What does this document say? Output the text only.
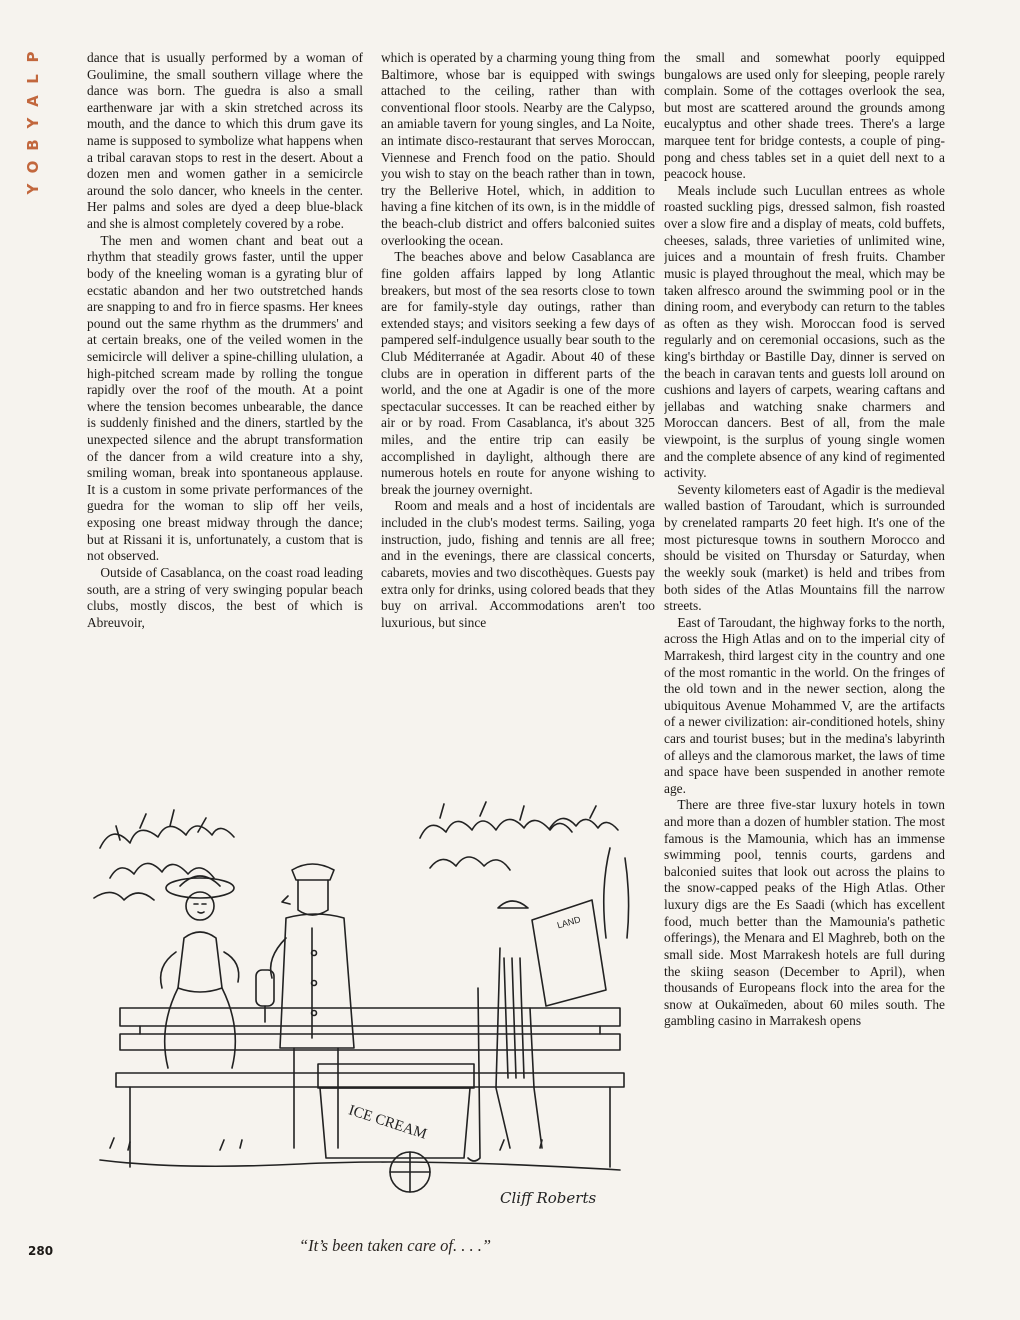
P
L
A
Y
B
O
Y

dance that is usually performed by a woman of Goulimine, the small southern village where the dance was born. The guedra is also a small earthenware jar with a skin stretched across its mouth, and the dance to which this drum gave its name is supposed to symbolize what happens when a tribal caravan stops to rest in the desert. About a dozen men and women gather in a semicircle around the solo dancer, who kneels in the center. Her palms and soles are dyed a deep blue-black and she is almost completely covered by a robe.

The men and women chant and beat out a rhythm that steadily grows faster, until the upper body of the kneeling woman is a gyrating blur of ecstatic abandon and her two outstretched hands are snapping to and fro in fierce spasms. Her knees pound out the same rhythm as the drummers' and at certain breaks, one of the veiled women in the semicircle will deliver a spine-chilling ululation, a high-pitched scream made by rolling the tongue rapidly over the roof of the mouth. At a point where the tension becomes unbearable, the dance is suddenly finished and the diners, startled by the unexpected silence and the abrupt transformation of the dancer from a wild creature into a shy, smiling woman, break into spontaneous applause. It is a custom in some private performances of the guedra for the woman to slip off her veils, exposing one breast midway through the dance; but at Rissani it is, unfortunately, a custom that is not observed.

Outside of Casablanca, on the coast road leading south, are a string of very swinging popular beach clubs, mostly discos, the best of which is Abreuvoir,

which is operated by a charming young thing from Baltimore, whose bar is equipped with swings attached to the ceiling, rather than with conventional floor stools. Nearby are the Calypso, an amiable tavern for young singles, and La Noite, an intimate disco-restaurant that serves Moroccan, Viennese and French food on the patio. Should you wish to stay on the beach rather than in town, try the Bellerive Hotel, which, in addition to having a fine kitchen of its own, is in the middle of the beach-club district and offers balconied suites overlooking the ocean.

The beaches above and below Casablanca are fine golden affairs lapped by long Atlantic breakers, but most of the sea resorts close to town are for family-style day outings, rather than extended stays; and visitors seeking a few days of pampered self-indulgence usually bear south to the Club Méditerranée at Agadir. About 40 of these clubs are in operation in different parts of the world, and the one at Agadir is one of the more spectacular successes. It can be reached either by air or by road. From Casablanca, it's about 325 miles, and the entire trip can easily be accomplished in daylight, although there are numerous hotels en route for anyone wishing to break the journey overnight.

Room and meals and a host of incidentals are included in the club's modest terms. Sailing, yoga instruction, judo, fishing and tennis are all free; and in the evenings, there are classical concerts, cabarets, movies and two discothèques. Guests pay extra only for drinks, using colored beads that they buy on arrival. Accommodations aren't too luxurious, but since

the small and somewhat poorly equipped bungalows are used only for sleeping, people rarely complain. Some of the cottages overlook the sea, but most are scattered around the grounds among eucalyptus and other shade trees. There's a large marquee tent for bridge contests, a couple of ping-pong and chess tables set in a quiet dell next to a peacock house.

Meals include such Lucullan entrees as whole roasted suckling pigs, dressed salmon, fish roasted over a slow fire and a display of meats, cold buffets, cheeses, salads, three varieties of unlimited wine, juices and a mountain of fresh fruits. Chamber music is played throughout the meal, which may be taken alfresco around the swimming pool or in the dining room, and everybody can return to the tables as often as they wish. Moroccan food is served regularly and on ceremonial occasions, such as the king's birthday or Bastille Day, dinner is served on the beach in caravan tents and guests loll around on cushions and layers of carpets, wearing caftans and jellabas and watching snake charmers and Moroccan dancers. Best of all, from the male viewpoint, is the surplus of young single women and the complete absence of any kind of regimented activity.

Seventy kilometers east of Agadir is the medieval walled bastion of Taroudant, which is surrounded by crenelated ramparts 20 feet high. It's one of the most picturesque towns in southern Morocco and should be visited on Thursday or Saturday, when the weekly souk (market) is held and tribes from both sides of the Atlas Mountains fill the narrow streets.

East of Taroudant, the highway forks to the north, across the High Atlas and on to the imperial city of Marrakesh, third largest city in the country and one of the most romantic in the world. On the fringes of the old town and in the newer section, along the ubiquitous Avenue Mohammed V, are the artifacts of a newer civilization: air-conditioned hotels, shiny cars and tourist buses; but in the medina's labyrinth of alleys and the clamorous market, the laws of time and space have been suspended in another remote age.

There are three five-star luxury hotels in town and more than a dozen of humbler station. The most famous is the Mamounia, which has an immense swimming pool, tennis courts, gardens and balconied suites that look out across the plains to the snow-capped peaks of the High Atlas. Other luxury digs are the Es Saadi (which has excellent food, much better than the Mamounia's pathetic offerings), the Menara and El Maghreb, both on the small side. Most Marrakesh hotels are full during the skiing season (December to April), when thousands of Europeans flock into the area for the snow at Oukaïmeden, about 60 miles south. The gambling casino in Marrakesh opens

ICE CREAM
LAND
Cliff Roberts
“It’s been taken care of. . . .”
280
